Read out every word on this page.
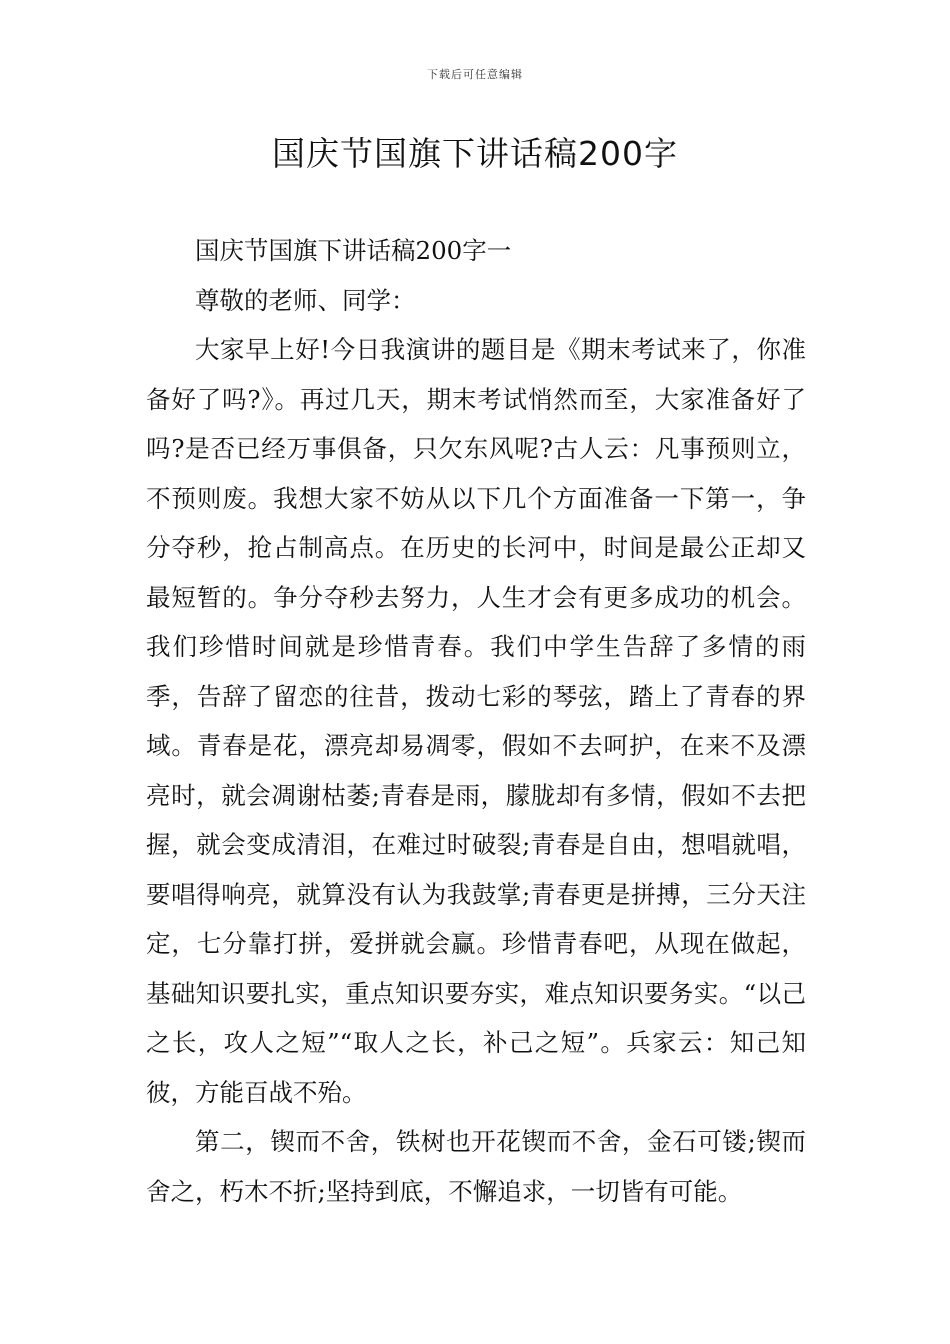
下载后可任意编辑
国庆节国旗下讲话稿200字

国庆节国旗下讲话稿200字一

尊敬的老师、同学：

大家早上好!今日我演讲的题目是《期末考试来了，你准备好了吗?》。再过几天，期末考试悄然而至，大家准备好了吗?是否已经万事俱备，只欠东风呢?古人云：凡事预则立，不预则废。我想大家不妨从以下几个方面准备一下第一，争分夺秒，抢占制高点。在历史的长河中，时间是最公正却又最短暂的。争分夺秒去努力，人生才会有更多成功的机会。我们珍惜时间就是珍惜青春。我们中学生告辞了多情的雨季，告辞了留恋的往昔，拨动七彩的琴弦，踏上了青春的界域。青春是花，漂亮却易凋零，假如不去呵护，在来不及漂亮时，就会凋谢枯萎;青春是雨，朦胧却有多情，假如不去把握，就会变成清泪，在难过时破裂;青春是自由，想唱就唱，要唱得响亮，就算没有认为我鼓掌;青春更是拼搏，三分天注定，七分靠打拼，爱拼就会赢。珍惜青春吧，从现在做起，基础知识要扎实，重点知识要夯实，难点知识要务实。“以己之长，攻人之短”“取人之长，补己之短”。兵家云：知己知彼，方能百战不殆。

第二，锲而不舍，铁树也开花锲而不舍，金石可镂;锲而舍之，朽木不折;坚持到底，不懈追求，一切皆有可能。
